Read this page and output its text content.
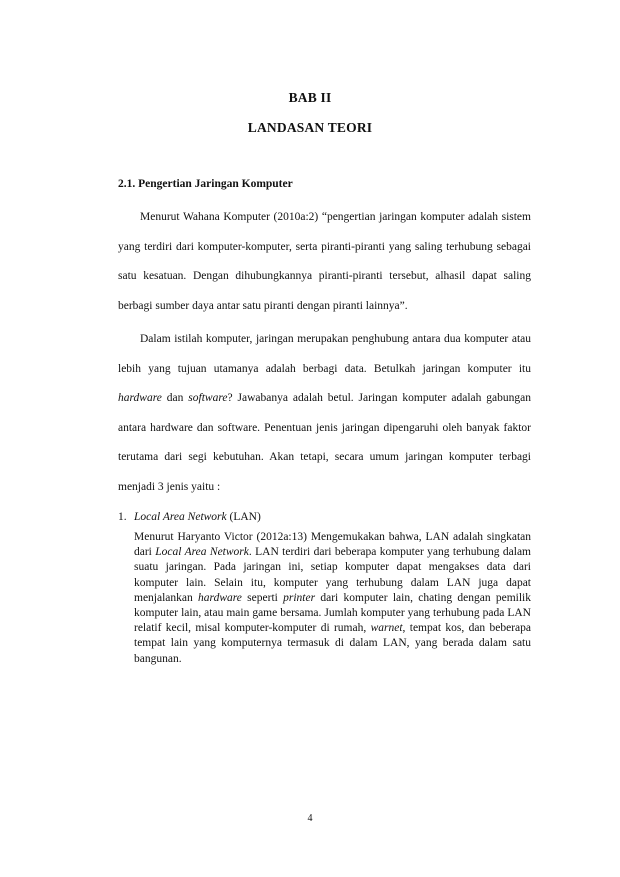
BAB II
LANDASAN TEORI
2.1. Pengertian Jaringan Komputer

Menurut Wahana Komputer (2010a:2) “pengertian jaringan komputer adalah sistem yang terdiri dari komputer-komputer, serta piranti-piranti yang saling terhubung sebagai satu kesatuan. Dengan dihubungkannya piranti-piranti tersebut, alhasil dapat saling berbagi sumber daya antar satu piranti dengan piranti lainnya”.

Dalam istilah komputer, jaringan merupakan penghubung antara dua komputer atau lebih yang tujuan utamanya adalah berbagi data. Betulkah jaringan komputer itu hardware dan software? Jawabanya adalah betul. Jaringan komputer adalah gabungan antara hardware dan software. Penentuan jenis jaringan dipengaruhi oleh banyak faktor terutama dari segi kebutuhan. Akan tetapi, secara umum jaringan komputer terbagi menjadi 3 jenis yaitu :

1. Local Area Network (LAN)

Menurut Haryanto Victor (2012a:13) Mengemukakan bahwa, LAN adalah singkatan dari Local Area Network. LAN terdiri dari beberapa komputer yang terhubung dalam suatu jaringan. Pada jaringan ini, setiap komputer dapat mengakses data dari komputer lain. Selain itu, komputer yang terhubung dalam LAN juga dapat menjalankan hardware seperti printer dari komputer lain, chating dengan pemilik komputer lain, atau main game bersama. Jumlah komputer yang terhubung pada LAN relatif kecil, misal komputer-komputer di rumah, warnet, tempat kos, dan beberapa tempat lain yang komputernya termasuk di dalam LAN, yang berada dalam satu bangunan.

4
